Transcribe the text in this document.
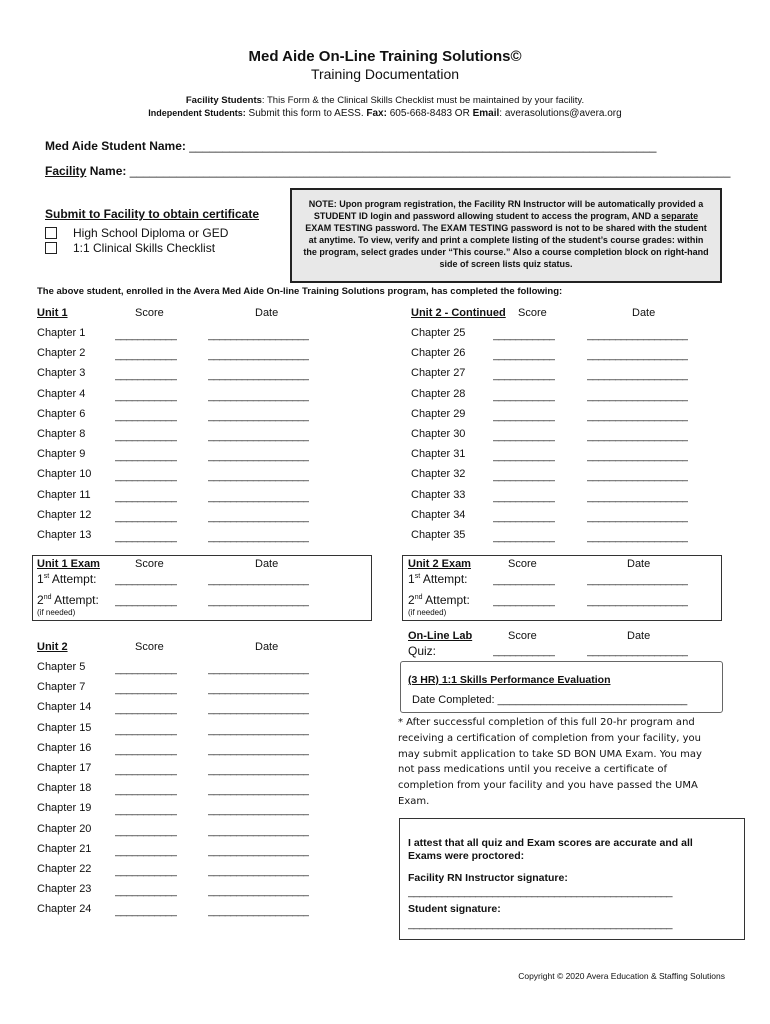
Med Aide On-Line Training Solutions©
Training Documentation
Facility Students: This Form & the Clinical Skills Checklist must be maintained by your facility.
Independent Students: Submit this form to AESS. Fax: 605-668-8483 OR Email: averasolutions@avera.org
Med Aide Student Name: ______________________________________________________________________
Facility Name: __________________________________________________________________________________________
NOTE: Upon program registration, the Facility RN Instructor will be automatically provided a STUDENT ID login and password allowing student to access the program, AND a separate EXAM TESTING password. The EXAM TESTING password is not to be shared with the student at anytime. To view, verify and print a complete listing of the student’s course grades: within the program, select grades under “This course.” Also a course completion block on right-hand side of screen lists quiz status.
Submit to Facility to obtain certificate
High School Diploma or GED
1:1 Clinical Skills Checklist
The above student, enrolled in the Avera Med Aide On-line Training Solutions program, has completed the following:
Unit 1	Score	Date
Chapter 1	___________	__________________
Chapter 2	___________	__________________
Chapter 3	___________	__________________
Chapter 4	___________	__________________
Chapter 6	___________	__________________
Chapter 8	___________	__________________
Chapter 9	___________	__________________
Chapter 10 ___________	__________________
Chapter 11 ___________	__________________
Chapter 12 ___________	__________________
Chapter 13 ___________	__________________
Unit 2 - Continued Score	Date
Chapter 25	___________	__________________
Chapter 26	___________	__________________
Chapter 27	___________	__________________
Chapter 28	___________	__________________
Chapter 29	___________	__________________
Chapter 30	___________	__________________
Chapter 31	___________	__________________
Chapter 32	___________	__________________
Chapter 33	___________	__________________
Chapter 34	___________	__________________
Chapter 35	___________	__________________
Unit 1 Exam	Score	Date
1st Attempt: ___________	__________________
2nd Attempt: ___________	__________________
(if needed)
Unit 2 Exam	Score	Date
1st Attempt: ___________	__________________
2nd Attempt: ___________	__________________
(if needed)
Unit 2	Score	Date
Chapter 5	___________	__________________
Chapter 7	___________	__________________
Chapter 14 ___________	__________________
Chapter 15 ___________	__________________
Chapter 16 ___________	__________________
Chapter 17 ___________	__________________
Chapter 18 ___________	__________________
Chapter 19 ___________	__________________
Chapter 20 ___________	__________________
Chapter 21 ___________	__________________
Chapter 22 ___________	__________________
Chapter 23 ___________	__________________
Chapter 24 ___________	__________________
On-Line Lab	Score	Date
Quiz:	___________	__________________
(3 HR) 1:1 Skills Performance Evaluation
Date Completed: _______________________________
* After successful completion of this full 20-hr program and receiving a certification of completion from your facility, you may submit application to take SD BON UMA Exam. You may not pass medications until you receive a certificate of completion from your facility and you have passed the UMA Exam.
I attest that all quiz and Exam scores are accurate and all Exams were proctored:
Facility RN Instructor signature:
_______________________________________________
Student signature:
_______________________________________________
Copyright © 2020 Avera Education & Staffing Solutions
